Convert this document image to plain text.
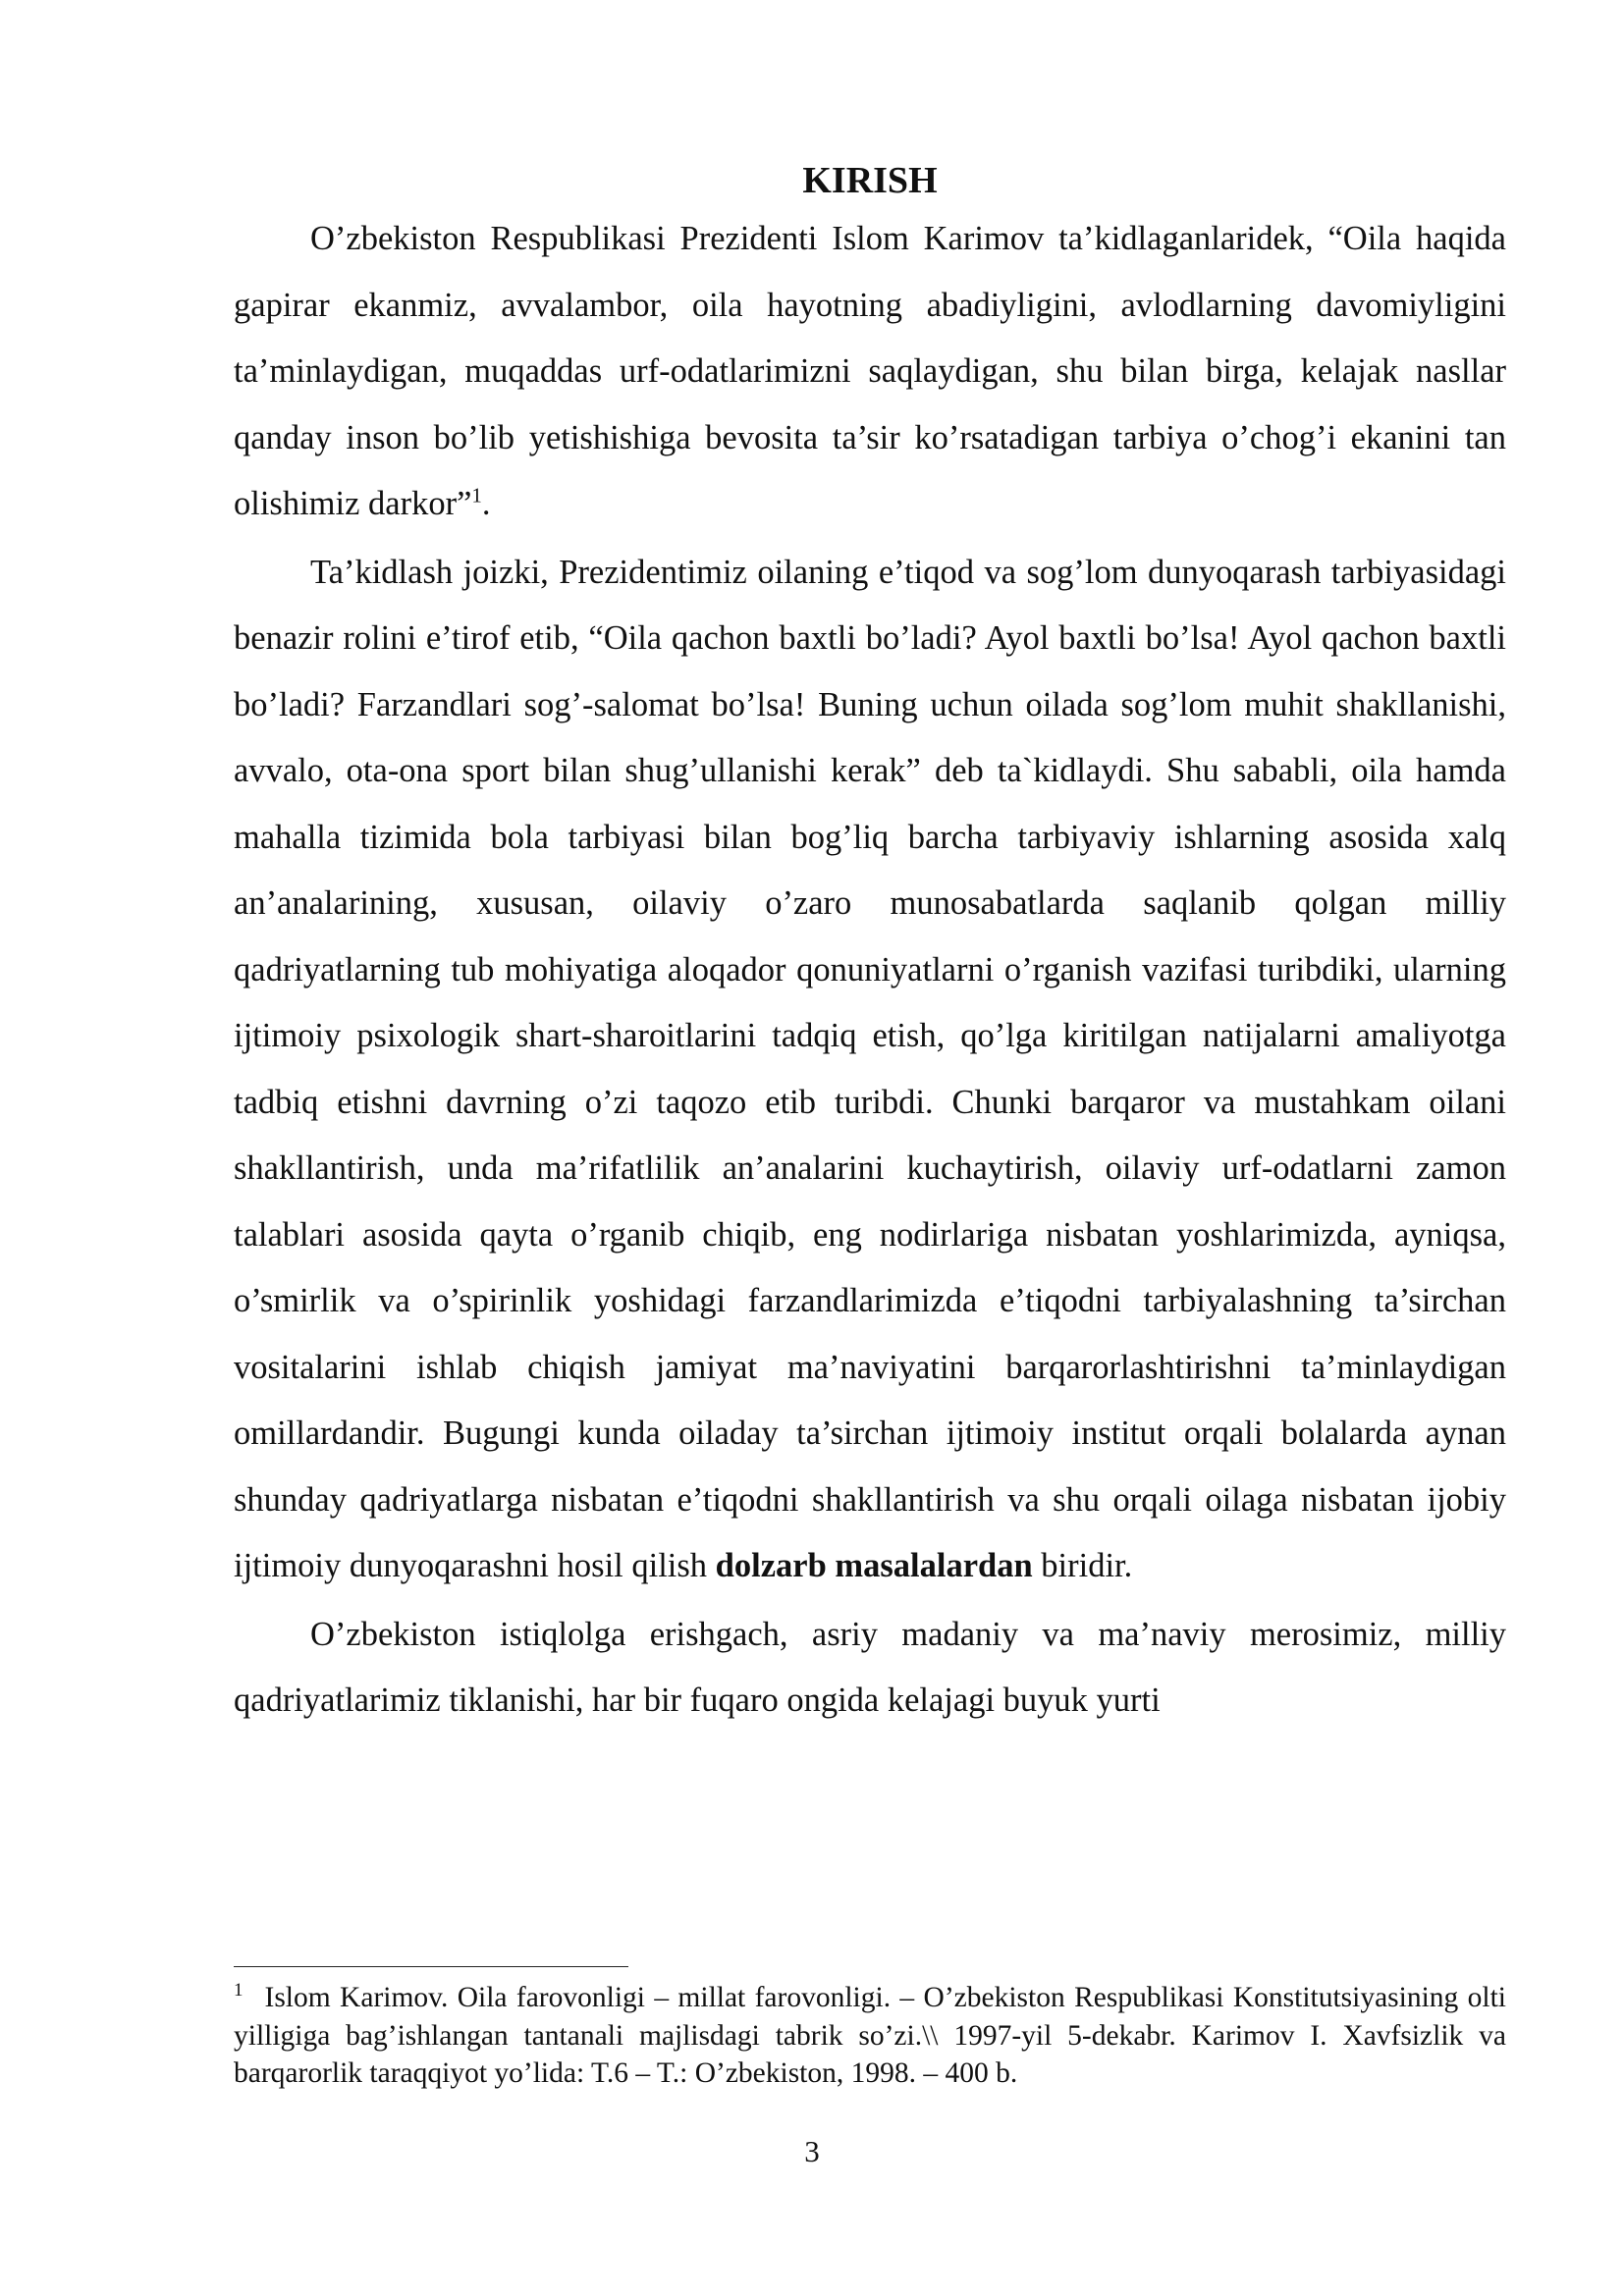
KIRISH

O’zbekiston Respublikasi Prezidenti Islom Karimov ta’kidlaganlaridek, “Oila haqida gapirar ekanmiz, avvalambor, oila hayotning abadiyligini, avlodlarning davomiyligini ta’minlaydigan, muqaddas urf-odatlarimizni saqlaydigan, shu bilan birga, kelajak nasllar qanday inson bo’lib yetishishiga bevosita ta’sir ko’rsatadigan tarbiya o’chog’i ekanini tan olishimiz darkor”$^1$.

Ta’kidlash joizki, Prezidentimiz oilaning e’tiqod va sog’lom dunyoqarash tarbiyasidagi benazir rolini e’tirof etib, “Oila qachon baxtli bo’ladi? Ayol baxtli bo’lsa! Ayol qachon baxtli bo’ladi? Farzandlari sog’-salomat bo’lsa! Buning uchun oilada sog’lom muhit shakllanishi, avvalo, ota-ona sport bilan shug’ullanishi kerak” deb ta`kidlaydi. Shu sababli, oila hamda mahalla tizimida bola tarbiyasi bilan bog’liq barcha tarbiyaviy ishlarning asosida xalq an’analarining, xususan, oilaviy o’zaro munosabatlarda saqlanib qolgan milliy qadriyatlarning tub mohiyatiga aloqador qonuniyatlarni o’rganish vazifasi turibdiki, ularning ijtimoiy psixologik shart-sharoitlarini tadqiq etish, qo’lga kiritilgan natijalarni amaliyotga tadbiq etishni davrning o’zi taqozo etib turibdi. Chunki barqaror va mustahkam oilani shakllantirish, unda ma’rifatlilik an’analarini kuchaytirish, oilaviy urf-odatlarni zamon talablari asosida qayta o’rganib chiqib, eng nodirlariga nisbatan yoshlarimizda, ayniqsa, o’smirlik va o’spirinlik yoshidagi farzandlarimizda e’tiqodni tarbiyalashning ta’sirchan vositalarini ishlab chiqish jamiyat ma’naviyatini barqarorlashtirishni ta’minlaydigan omillardandir. Bugungi kunda oiladay ta’sirchan ijtimoiy institut orqali bolalarda aynan shunday qadriyatlarga nisbatan e’tiqodni shakllantirish va shu orqali oilaga nisbatan ijobiy ijtimoiy dunyoqarashni hosil qilish dolzarb masalalardan biridir.

O’zbekiston istiqlolga erishgach, asriy madaniy va ma’naviy merosimiz, milliy qadriyatlarimiz tiklanishi, har bir fuqaro ongida kelajagi buyuk yurti

$^1$ Islom Karimov. Oila farovonligi – millat farovonligi. – O’zbekiston Respublikasi Konstitutsiyasining olti yilligiga bag’ishlangan tantanali majlisdagi tabrik so’zi.\\ 1997-yil 5-dekabr. Karimov I. Xavfsizlik va barqarorlik taraqqiyot yo’lida: T.6 – T.: O’zbekiston, 1998. – 400 b.
3
